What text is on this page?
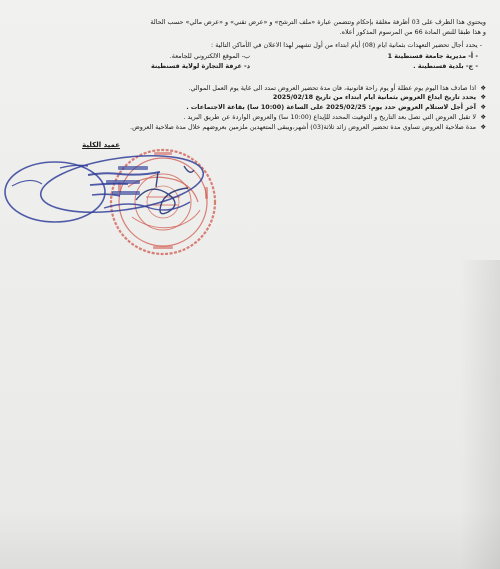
ويحتوي هذا الظرف على 03 أظرفة مغلقة بإحكام وتتضمن عبارة «ملف الترشح» و «عرض تقني» و «عرض مالي» حسب الحالة
و هذا طبقا للنص المادة 66 من المرسوم المذكور أعلاه.
- يحدد أجال تحضير التعهدات بثمانية ايام (08) أيام ابتداء من أول تشهير لهذا الاعلان في الأماكن التالية :
- أ- مديرية جامعة قسنطينة 1
ب- الموقع الالكتروني للجامعة.
- ج- بلدية قسنطينة .
د- غرفة التجارة لولاية قسنطينة
❖
اذا صادف هذا اليوم يوم عطلة أو يوم راحة قانونية، فان مدة تحضير العروض تمدد الى غاية يوم العمل الموالي.
❖
يحدد تاريخ ايداع العروض بثمانية ايام ابتداء من تاريخ 2025/02/18
❖
آخر أجل لاستلام العروض حدد يوم: 2025/02/25 على الساعة (10:00 سا) بقاعة الاجتماعات .
❖
لا تقبل العروض التي تصل بعد التاريخ و التوقيت المحدد للإيداع (10:00 سا) والعروض الواردة عن طريق البريد .
❖
مدة صلاحية العروض تساوي مدة تحضير العروض زائد ثلاثة(03) أشهر،ويبقى المتعهدين ملزمين بعروضهم خلال مدة صلاحية العروض.
عميد الكلية
